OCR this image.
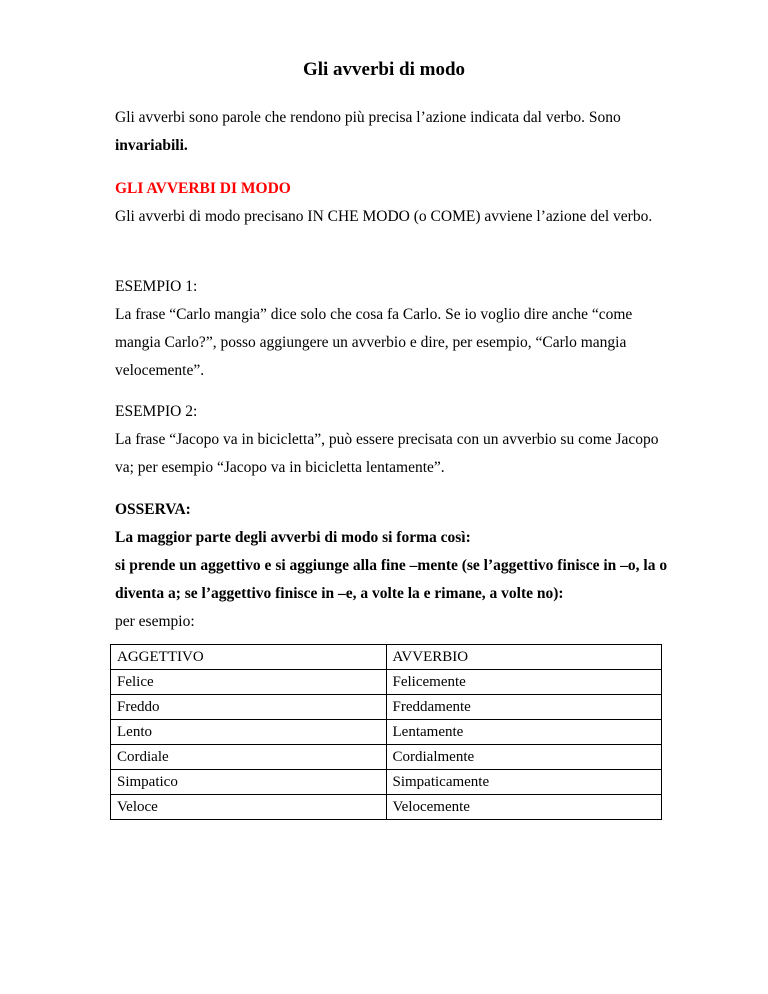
Gli avverbi di modo

Gli avverbi sono parole che rendono più precisa l’azione indicata dal verbo. Sono

invariabili.

GLI AVVERBI DI MODO

Gli avverbi di modo precisano IN CHE MODO (o COME) avviene l’azione del verbo.

ESEMPIO 1:

La frase “Carlo mangia” dice solo che cosa fa Carlo. Se io voglio dire anche “come mangia Carlo?”, posso aggiungere un avverbio e dire, per esempio, “Carlo mangia velocemente”.

ESEMPIO 2:

La frase “Jacopo va in bicicletta”, può essere precisata con un avverbio su come Jacopo va; per esempio “Jacopo va in bicicletta lentamente”.

OSSERVA:

La maggior parte degli avverbi di modo si forma così:

si prende un aggettivo e si aggiunge alla fine –mente (se l’aggettivo finisce in –o, la o diventa a; se l’aggettivo finisce in –e, a volte la e rimane, a volte no):

per esempio:

AGGETTIVO	AVVERBIO
Felice	Felicemente
Freddo	Freddamente
Lento	Lentamente
Cordiale	Cordialmente
Simpatico	Simpaticamente
Veloce	Velocemente
